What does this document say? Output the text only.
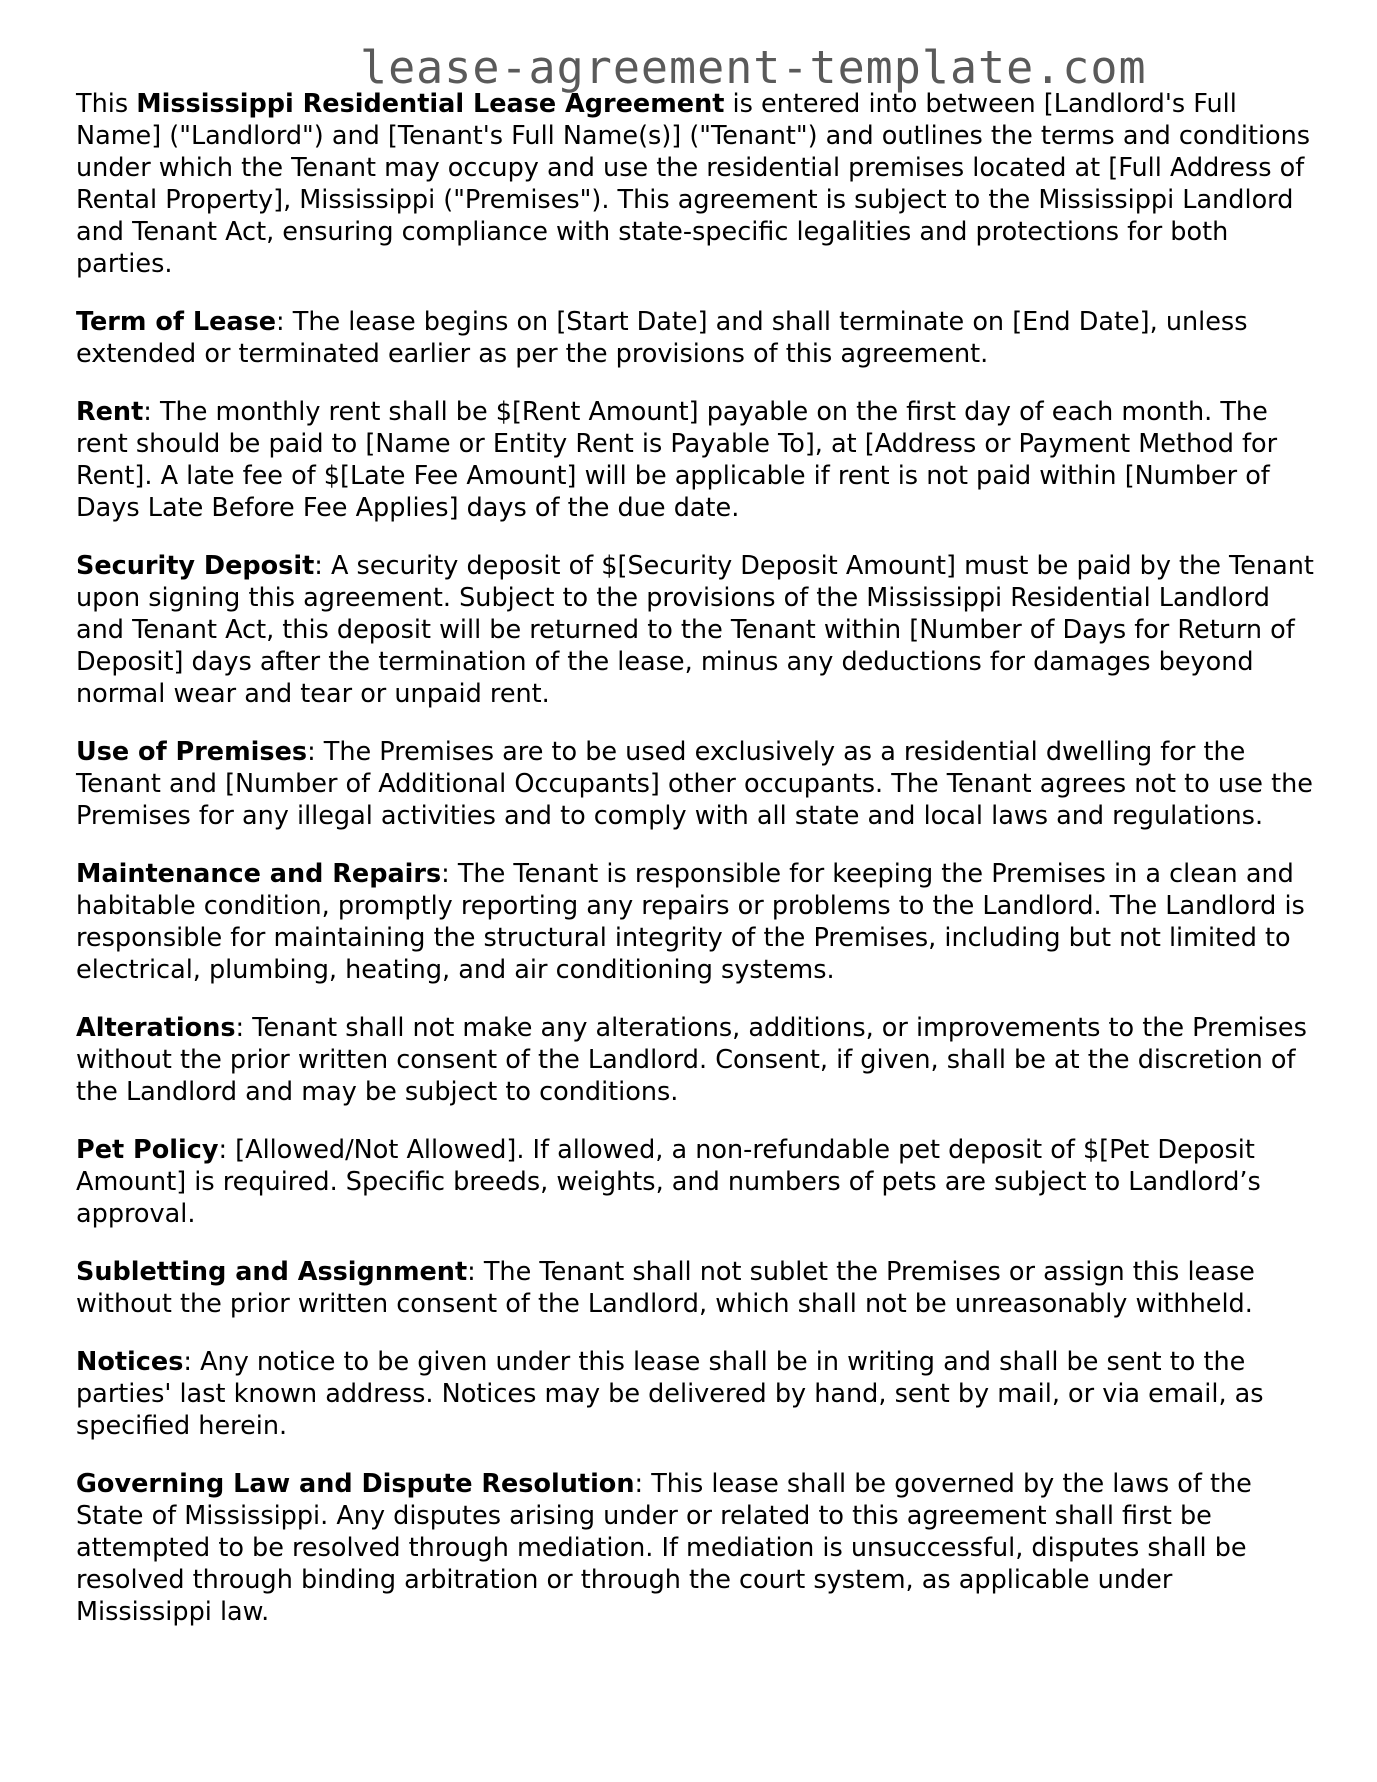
lease-agreement-template.com

This Mississippi Residential Lease Agreement is entered into between [Landlord's Full Name] ("Landlord") and [Tenant's Full Name(s)] ("Tenant") and outlines the terms and conditions under which the Tenant may occupy and use the residential premises located at [Full Address of Rental Property], Mississippi ("Premises"). This agreement is subject to the Mississippi Landlord and Tenant Act, ensuring compliance with state-specific legalities and protections for both parties.

Term of Lease: The lease begins on [Start Date] and shall terminate on [End Date], unless extended or terminated earlier as per the provisions of this agreement.

Rent: The monthly rent shall be $[Rent Amount] payable on the first day of each month. The rent should be paid to [Name or Entity Rent is Payable To], at [Address or Payment Method for Rent]. A late fee of $[Late Fee Amount] will be applicable if rent is not paid within [Number of Days Late Before Fee Applies] days of the due date.

Security Deposit: A security deposit of $[Security Deposit Amount] must be paid by the Tenant upon signing this agreement. Subject to the provisions of the Mississippi Residential Landlord and Tenant Act, this deposit will be returned to the Tenant within [Number of Days for Return of Deposit] days after the termination of the lease, minus any deductions for damages beyond normal wear and tear or unpaid rent.

Use of Premises: The Premises are to be used exclusively as a residential dwelling for the Tenant and [Number of Additional Occupants] other occupants. The Tenant agrees not to use the Premises for any illegal activities and to comply with all state and local laws and regulations.

Maintenance and Repairs: The Tenant is responsible for keeping the Premises in a clean and habitable condition, promptly reporting any repairs or problems to the Landlord. The Landlord is responsible for maintaining the structural integrity of the Premises, including but not limited to electrical, plumbing, heating, and air conditioning systems.

Alterations: Tenant shall not make any alterations, additions, or improvements to the Premises without the prior written consent of the Landlord. Consent, if given, shall be at the discretion of the Landlord and may be subject to conditions.

Pet Policy: [Allowed/Not Allowed]. If allowed, a non-refundable pet deposit of $[Pet Deposit Amount] is required. Specific breeds, weights, and numbers of pets are subject to Landlord’s approval.

Subletting and Assignment: The Tenant shall not sublet the Premises or assign this lease without the prior written consent of the Landlord, which shall not be unreasonably withheld.

Notices: Any notice to be given under this lease shall be in writing and shall be sent to the parties' last known address. Notices may be delivered by hand, sent by mail, or via email, as specified herein.

Governing Law and Dispute Resolution: This lease shall be governed by the laws of the State of Mississippi. Any disputes arising under or related to this agreement shall first be attempted to be resolved through mediation. If mediation is unsuccessful, disputes shall be resolved through binding arbitration or through the court system, as applicable under Mississippi law.
